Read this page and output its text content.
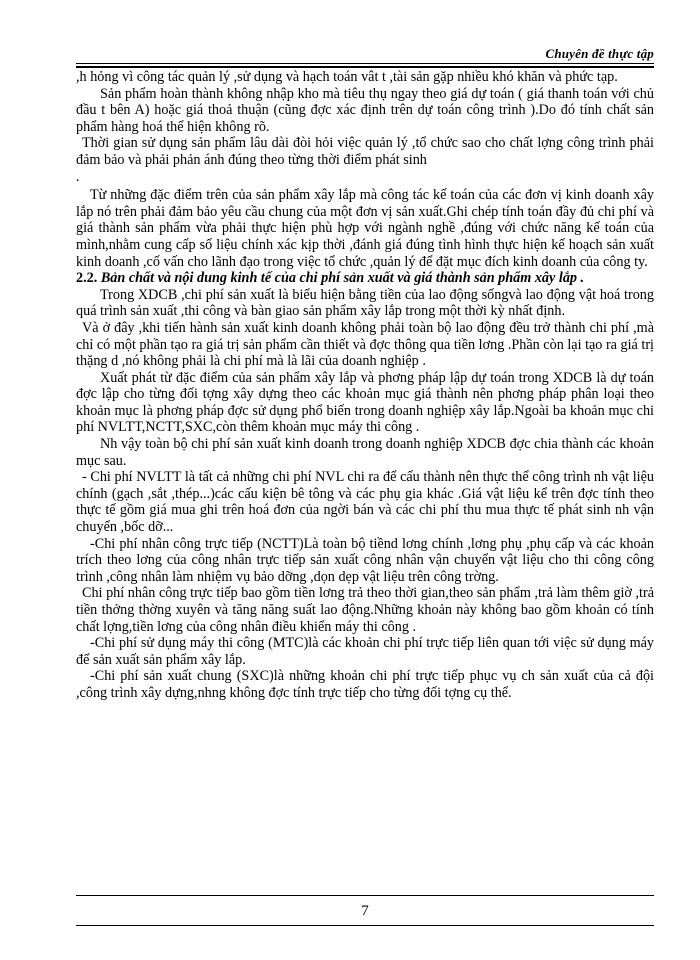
Chuyên đề thực tập

,h hỏng vì công tác quản lý ,sử dụng và hạch toán vât t ,tài sản gặp nhiều khó khăn và phức tạp.

Sản phẩm hoàn thành không nhập kho mà tiêu thụ ngay theo giá dự toán ( giá thanh toán với chủ đầu t bên A) hoặc giá thoả thuận (cũng đợc xác định trên dự toán công trình ).Do đó tính chất sản phẩm hàng hoá thể hiện không rõ.

Thời gian sử dụng sản phẩm lâu dài đòi hỏi việc quản lý ,tổ chức sao cho chất lợng công trình phải đảm bảo và phải phản ánh đúng theo từng thời điểm phát sinh

.

Từ những đặc điểm trên của sản phẩm xây lắp mà công tác kế toán của các đơn vị kinh doanh xây lắp nó trên phải đảm bảo yêu cầu chung của một đơn vị sản xuất.Ghi chép tính toán đầy đủ chi phí và giá thành sản phẩm vừa phải thực hiện phù hợp với ngành nghề ,đúng với chức năng kế toán của mình,nhằm cung cấp số liệu chính xác kịp thời ,đánh giá đúng tình hình thực hiện kế hoạch sản xuất kinh doanh ,cố vấn cho lãnh đạo trong việc tổ chức ,quản lý để đặt mục đích kinh doanh của công ty.

2.2. Bản chất và nội dung kinh tế của chi phí sản xuất và giá thành sản phẩm xây lắp .

Trong XDCB ,chi phí sản xuất là biểu hiện bằng tiền của lao động sốngvà lao động vật hoá trong quá trình sản xuất ,thi công và bàn giao sản phẩm xây lắp trong một thời kỳ nhất định.

Và ở đây ,khi tiến hành sản xuất kinh doanh không phải toàn bộ lao động đều trở thành chi phí ,mà chỉ có một phần tạo ra giá trị sản phẩm cần thiết và đợc thông qua tiền lơng .Phần còn lại tạo ra giá trị thặng d ,nó không phải là chi phí mà là lãi của doanh nghiệp .

Xuất phát từ đặc điểm của sản phẩm xây lắp và phơng pháp lập dự toán trong XDCB là dự toán đợc lập cho từng đối tợng xây dựng theo các khoản mục giá thành nên phơng pháp phân loại theo khoản mục là phơng pháp đợc sử dụng phổ biến trong doanh nghiệp xây lắp.Ngoài ba khoản mục chi phí NVLTT,NCTT,SXC,còn thêm khoản mục máy thi công .

Nh vậy toàn bộ chi phí sản xuất kinh doanh trong doanh nghiệp XDCB đợc chia thành các khoản mục sau.

- Chi phí NVLTT là tất cả những chi phí NVL chi ra để cấu thành nên thực thể công trình nh vật liệu chính (gạch ,sắt ,thép...)các cấu kiện bê tông và các phụ gia khác .Giá vật liệu kể trên đợc tính theo thực tế gồm giá mua ghi trên hoá đơn của ngời bán và các chi phí thu mua thực tế phát sinh nh vận chuyển ,bốc dỡ...

-Chi phí nhân công trực tiếp (NCTT)Là toàn bộ tiềnd lơng chính ,lơng phụ ,phụ cấp và các khoản trích theo lơng của công nhân trực tiếp sản xuất công nhân vận chuyển vật liệu cho thi công công trình ,công nhân làm nhiệm vụ bảo dỡng ,dọn dẹp vật liệu trên công trờng.

Chi phí nhân công trực tiếp bao gồm tiền lơng trả theo thời gian,theo sản phẩm ,trả làm thêm giờ ,trả tiền thởng thờng xuyên và tăng năng suất lao động.Những khoản này không bao gồm khoản có tính chất lợng,tiền lơng của công nhân điều khiển máy thi công .

-Chi phí sử dụng máy thi công (MTC)là các khoản chi phí trực tiếp liên quan tới việc sử dụng máy để sản xuất sản phẩm xây lắp.

-Chi phí sản xuất chung (SXC)là những khoản chi phí trực tiếp phục vụ ch sản xuất của cả đội ,công trình xây dựng,nhng không đợc tính trực tiếp cho từng đối tợng cụ thể.

7
